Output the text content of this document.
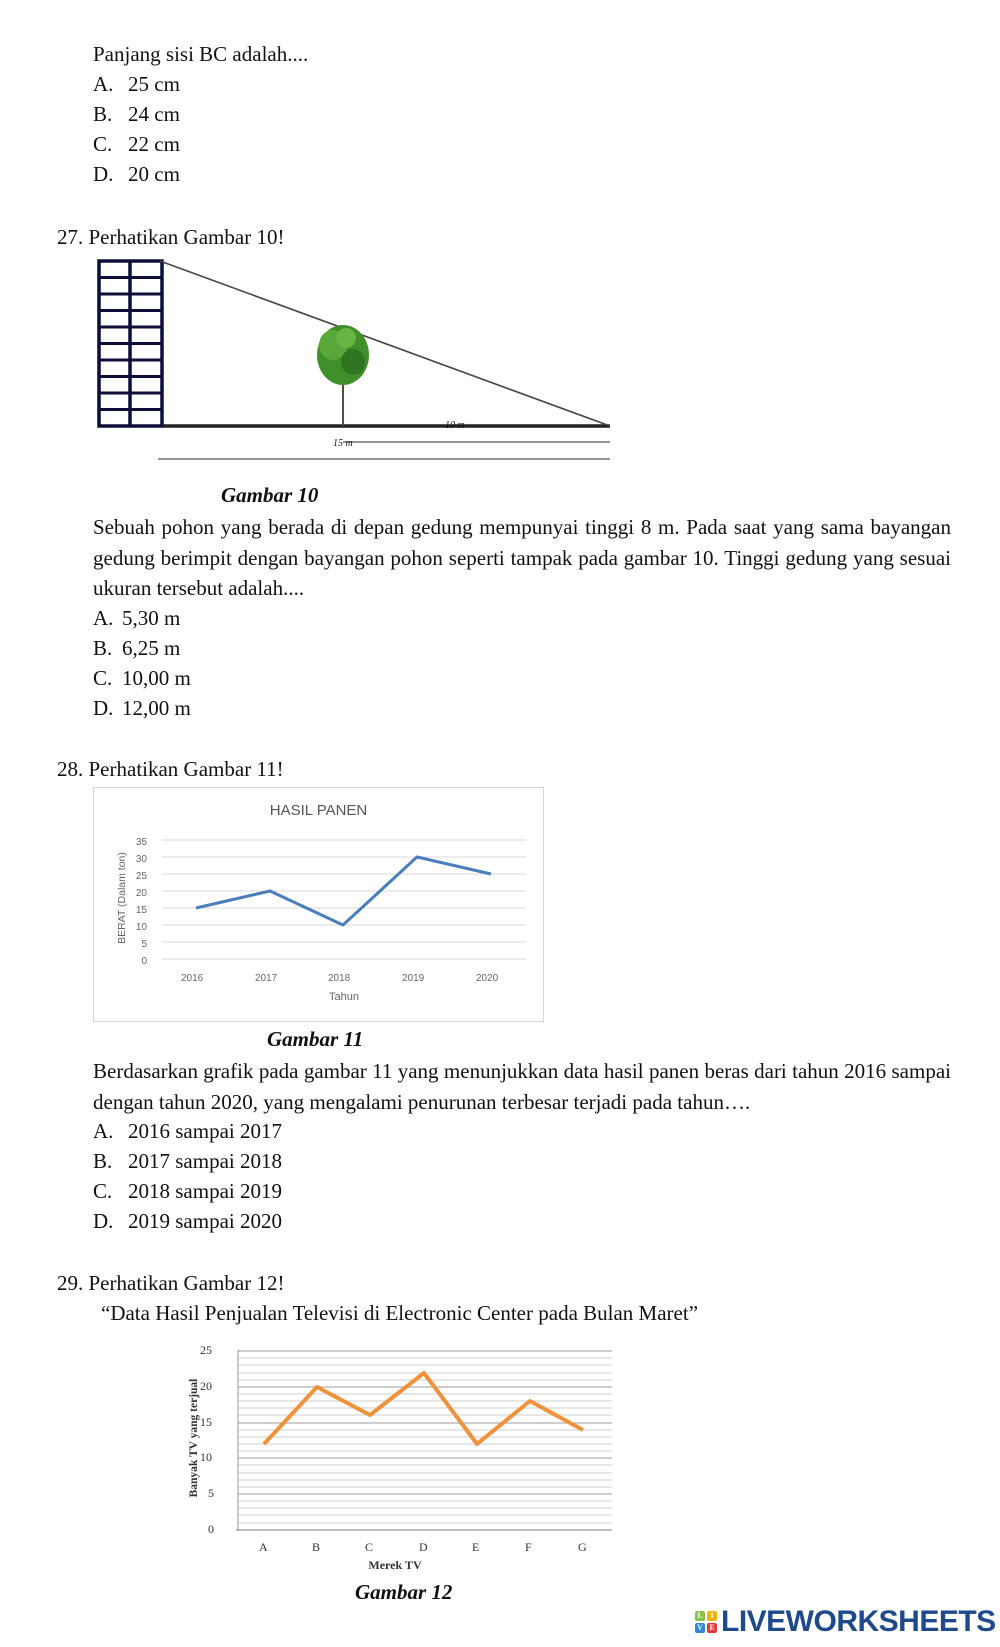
Panjang sisi BC adalah....
A. 25 cm
B. 24 cm
C. 22 cm
D. 20 cm
27. Perhatikan Gambar 10!
10 m
15 m
Gambar 10
Sebuah pohon yang berada di depan gedung mempunyai tinggi 8 m. Pada saat yang sama bayangan gedung berimpit dengan bayangan pohon seperti tampak pada gambar 10. Tinggi gedung yang sesuai ukuran tersebut adalah....
A. 5,30 m
B. 6,25 m
C. 10,00 m
D. 12,00 m
28. Perhatikan Gambar 11!
HASIL PANEN
35
30
25
20
15
10
5
0
BERAT (Dalam ton)
2016	2017	2018	2019	2020
Tahun
Gambar 11
Berdasarkan grafik pada gambar 11 yang menunjukkan data hasil panen beras dari tahun 2016 sampai dengan tahun 2020, yang mengalami penurunan terbesar terjadi pada tahun….
A. 2016 sampai 2017
B. 2017 sampai 2018
C. 2018 sampai 2019
D. 2019 sampai 2020
29. Perhatikan Gambar 12!
“Data Hasil Penjualan Televisi di Electronic Center pada Bulan Maret”
25
20
15
10
5
0
Banyak TV yang terjual
A	B	C	D	E	F	G
Merek TV
Gambar 12
L I
V E LIVEWORKSHEETS
